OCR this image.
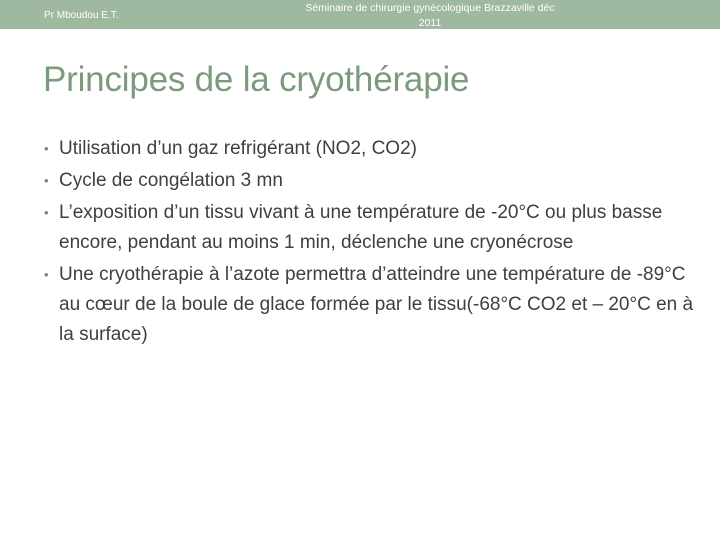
Pr Mboudou E.T.
Séminaire de chirurgie gynécologique Brazzaville déc
2011
Principes de la cryothérapie
• Utilisation d’un gaz refrigérant (NO2, CO2)
• Cycle de congélation 3 mn
• L’exposition d’un tissu vivant à une température de -20°C ou plus basse encore, pendant au moins 1 min, déclenche une cryonécrose
• Une cryothérapie à l’azote permettra d’atteindre une température de -89°C au cœur de la boule de glace formée par le tissu(-68°C CO2 et – 20°C en à la surface)
